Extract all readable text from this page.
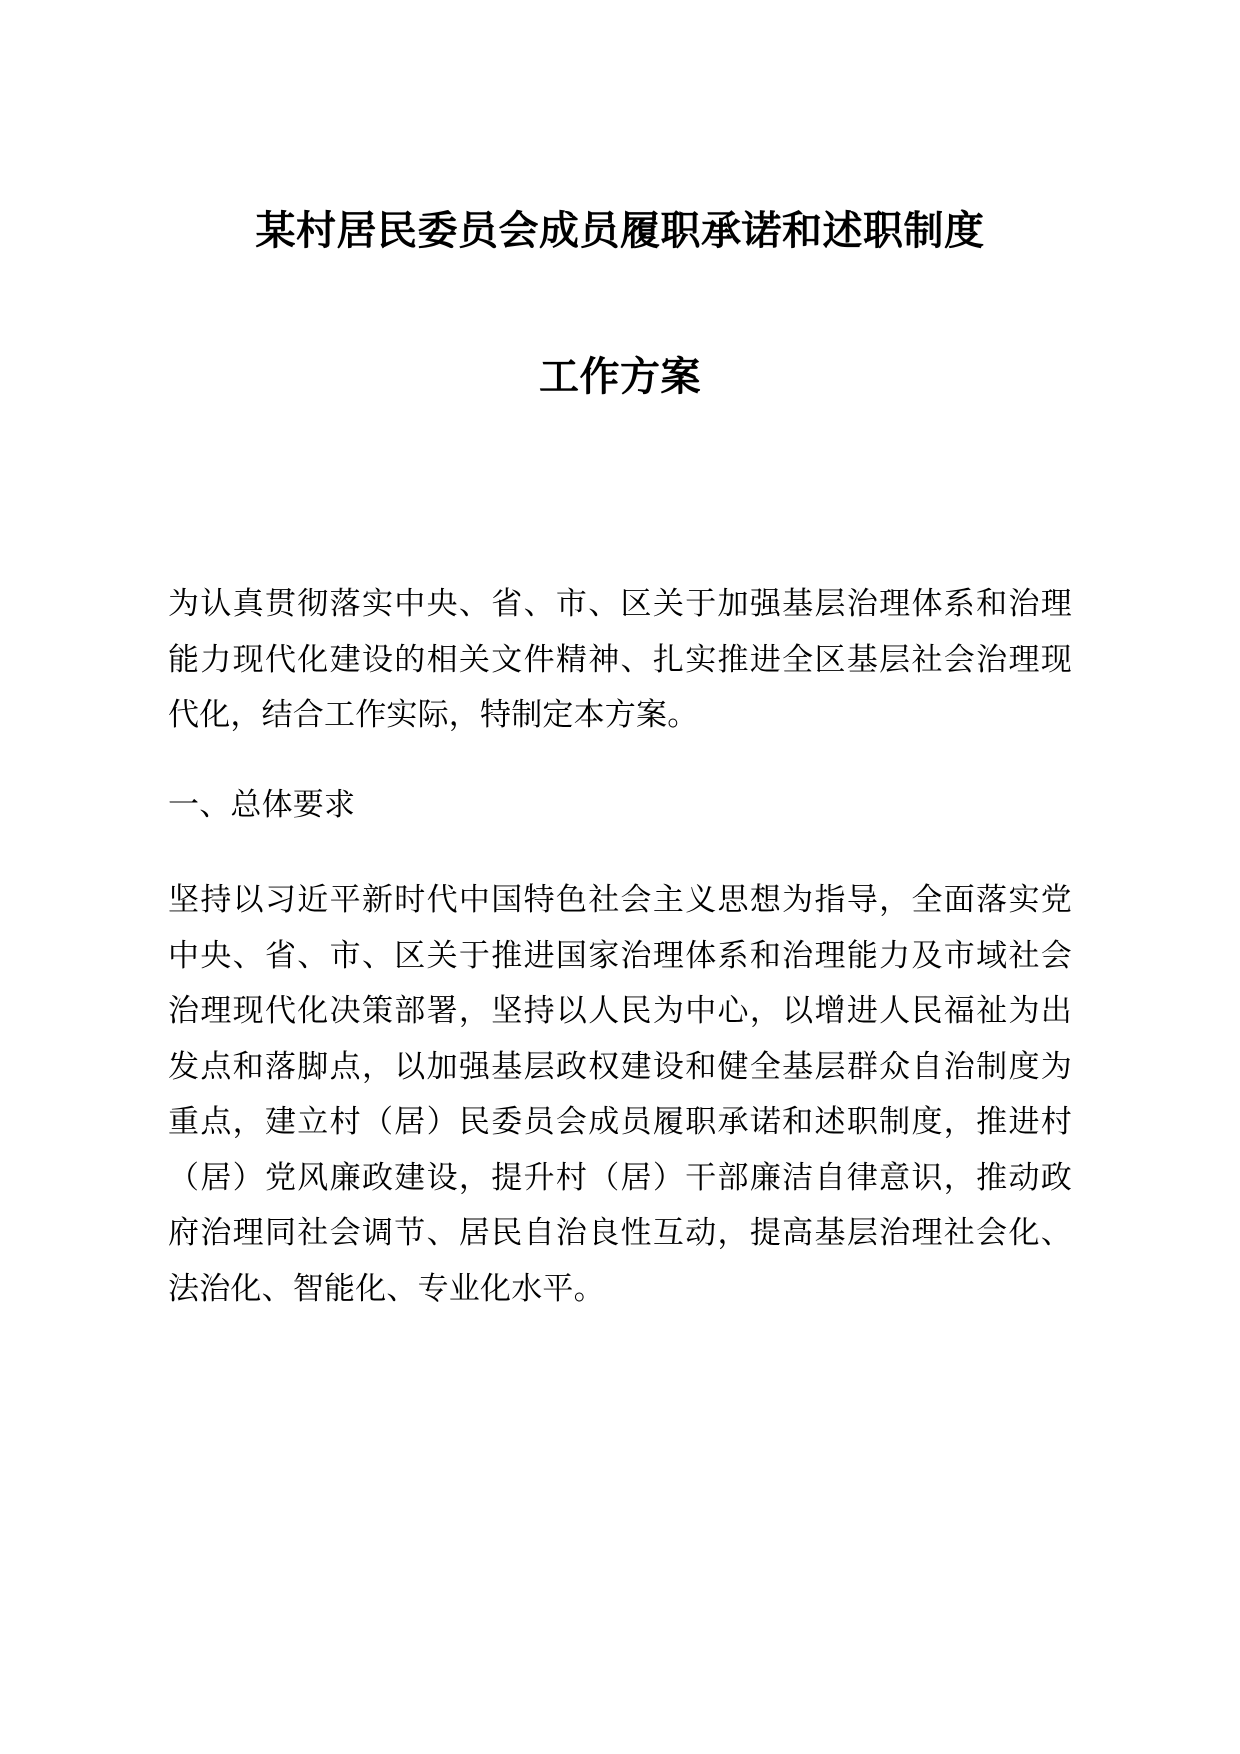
某村居民委员会成员履职承诺和述职制度
工作方案

为认真贯彻落实中央、省、市、区关于加强基层治理体系和治理能力现代化建设的相关文件精神、扎实推进全区基层社会治理现代化，结合工作实际，特制定本方案。

一、总体要求

坚持以习近平新时代中国特色社会主义思想为指导，全面落实党中央、省、市、区关于推进国家治理体系和治理能力及市域社会治理现代化决策部署，坚持以人民为中心，以增进人民福祉为出发点和落脚点，以加强基层政权建设和健全基层群众自治制度为重点，建立村（居）民委员会成员履职承诺和述职制度，推进村（居）党风廉政建设，提升村（居）干部廉洁自律意识，推动政府治理同社会调节、居民自治良性互动，提高基层治理社会化、法治化、智能化、专业化水平。
